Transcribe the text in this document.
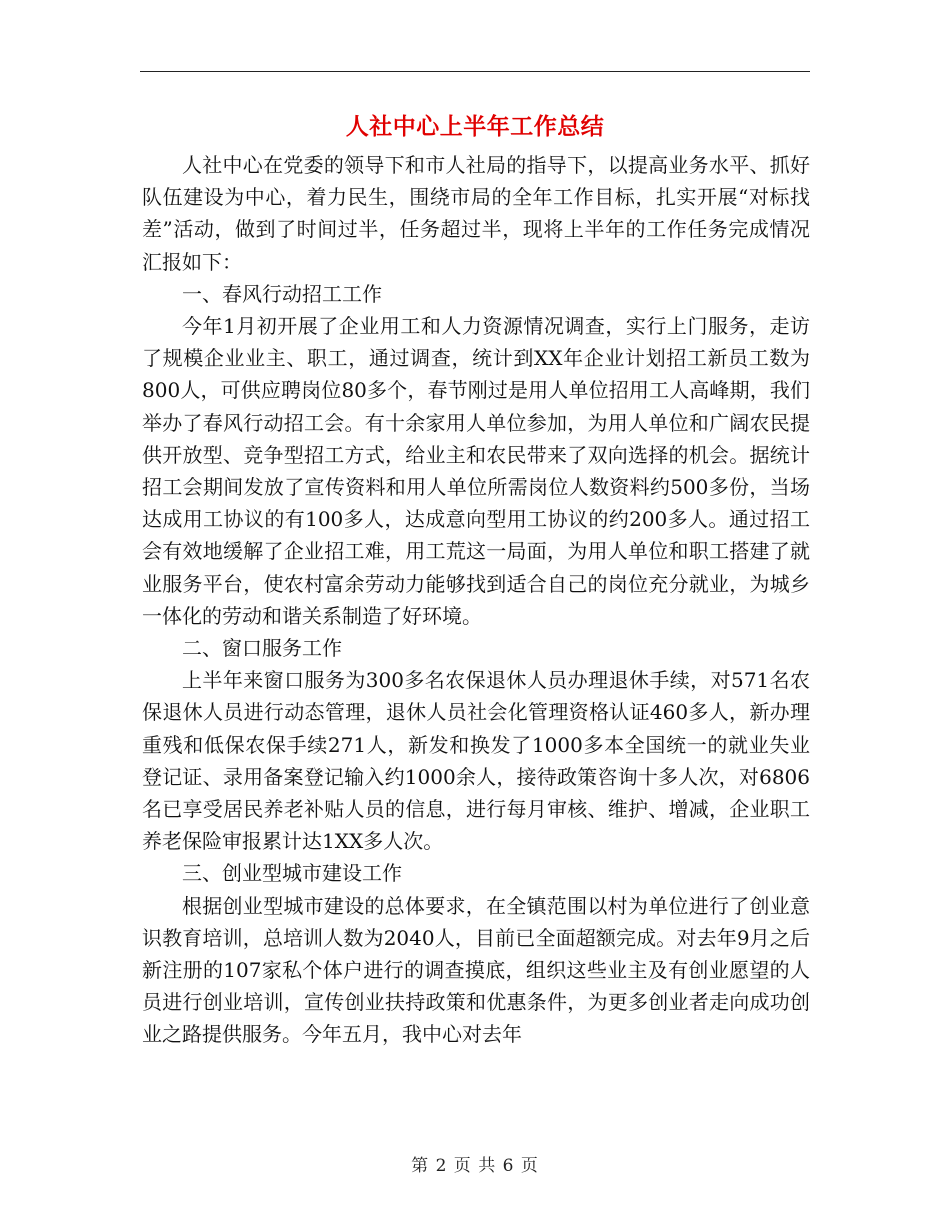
人社中心上半年工作总结

人社中心在党委的领导下和市人社局的指导下，以提高业务水平、抓好队伍建设为中心，着力民生，围绕市局的全年工作目标，扎实开展“对标找差”活动，做到了时间过半，任务超过半，现将上半年的工作任务完成情况汇报如下：

一、春风行动招工工作

今年1月初开展了企业用工和人力资源情况调查，实行上门服务，走访了规模企业业主、职工，通过调查，统计到XX年企业计划招工新员工数为800人，可供应聘岗位80多个，春节刚过是用人单位招用工人高峰期，我们举办了春风行动招工会。有十余家用人单位参加，为用人单位和广阔农民提供开放型、竞争型招工方式，给业主和农民带来了双向选择的机会。据统计招工会期间发放了宣传资料和用人单位所需岗位人数资料约500多份，当场达成用工协议的有100多人，达成意向型用工协议的约200多人。通过招工会有效地缓解了企业招工难，用工荒这一局面，为用人单位和职工搭建了就业服务平台，使农村富余劳动力能够找到适合自己的岗位充分就业，为城乡一体化的劳动和谐关系制造了好环境。

二、窗口服务工作

上半年来窗口服务为300多名农保退休人员办理退休手续，对571名农保退休人员进行动态管理，退休人员社会化管理资格认证460多人，新办理重残和低保农保手续271人，新发和换发了1000多本全国统一的就业失业登记证、录用备案登记输入约1000余人，接待政策咨询十多人次，对6806名已享受居民养老补贴人员的信息，进行每月审核、维护、增减，企业职工养老保险审报累计达1XX多人次。

三、创业型城市建设工作

根据创业型城市建设的总体要求，在全镇范围以村为单位进行了创业意识教育培训，总培训人数为2040人，目前已全面超额完成。对去年9月之后新注册的107家私个体户进行的调查摸底，组织这些业主及有创业愿望的人员进行创业培训，宣传创业扶持政策和优惠条件，为更多创业者走向成功创业之路提供服务。今年五月，我中心对去年

第 2 页 共 6 页
